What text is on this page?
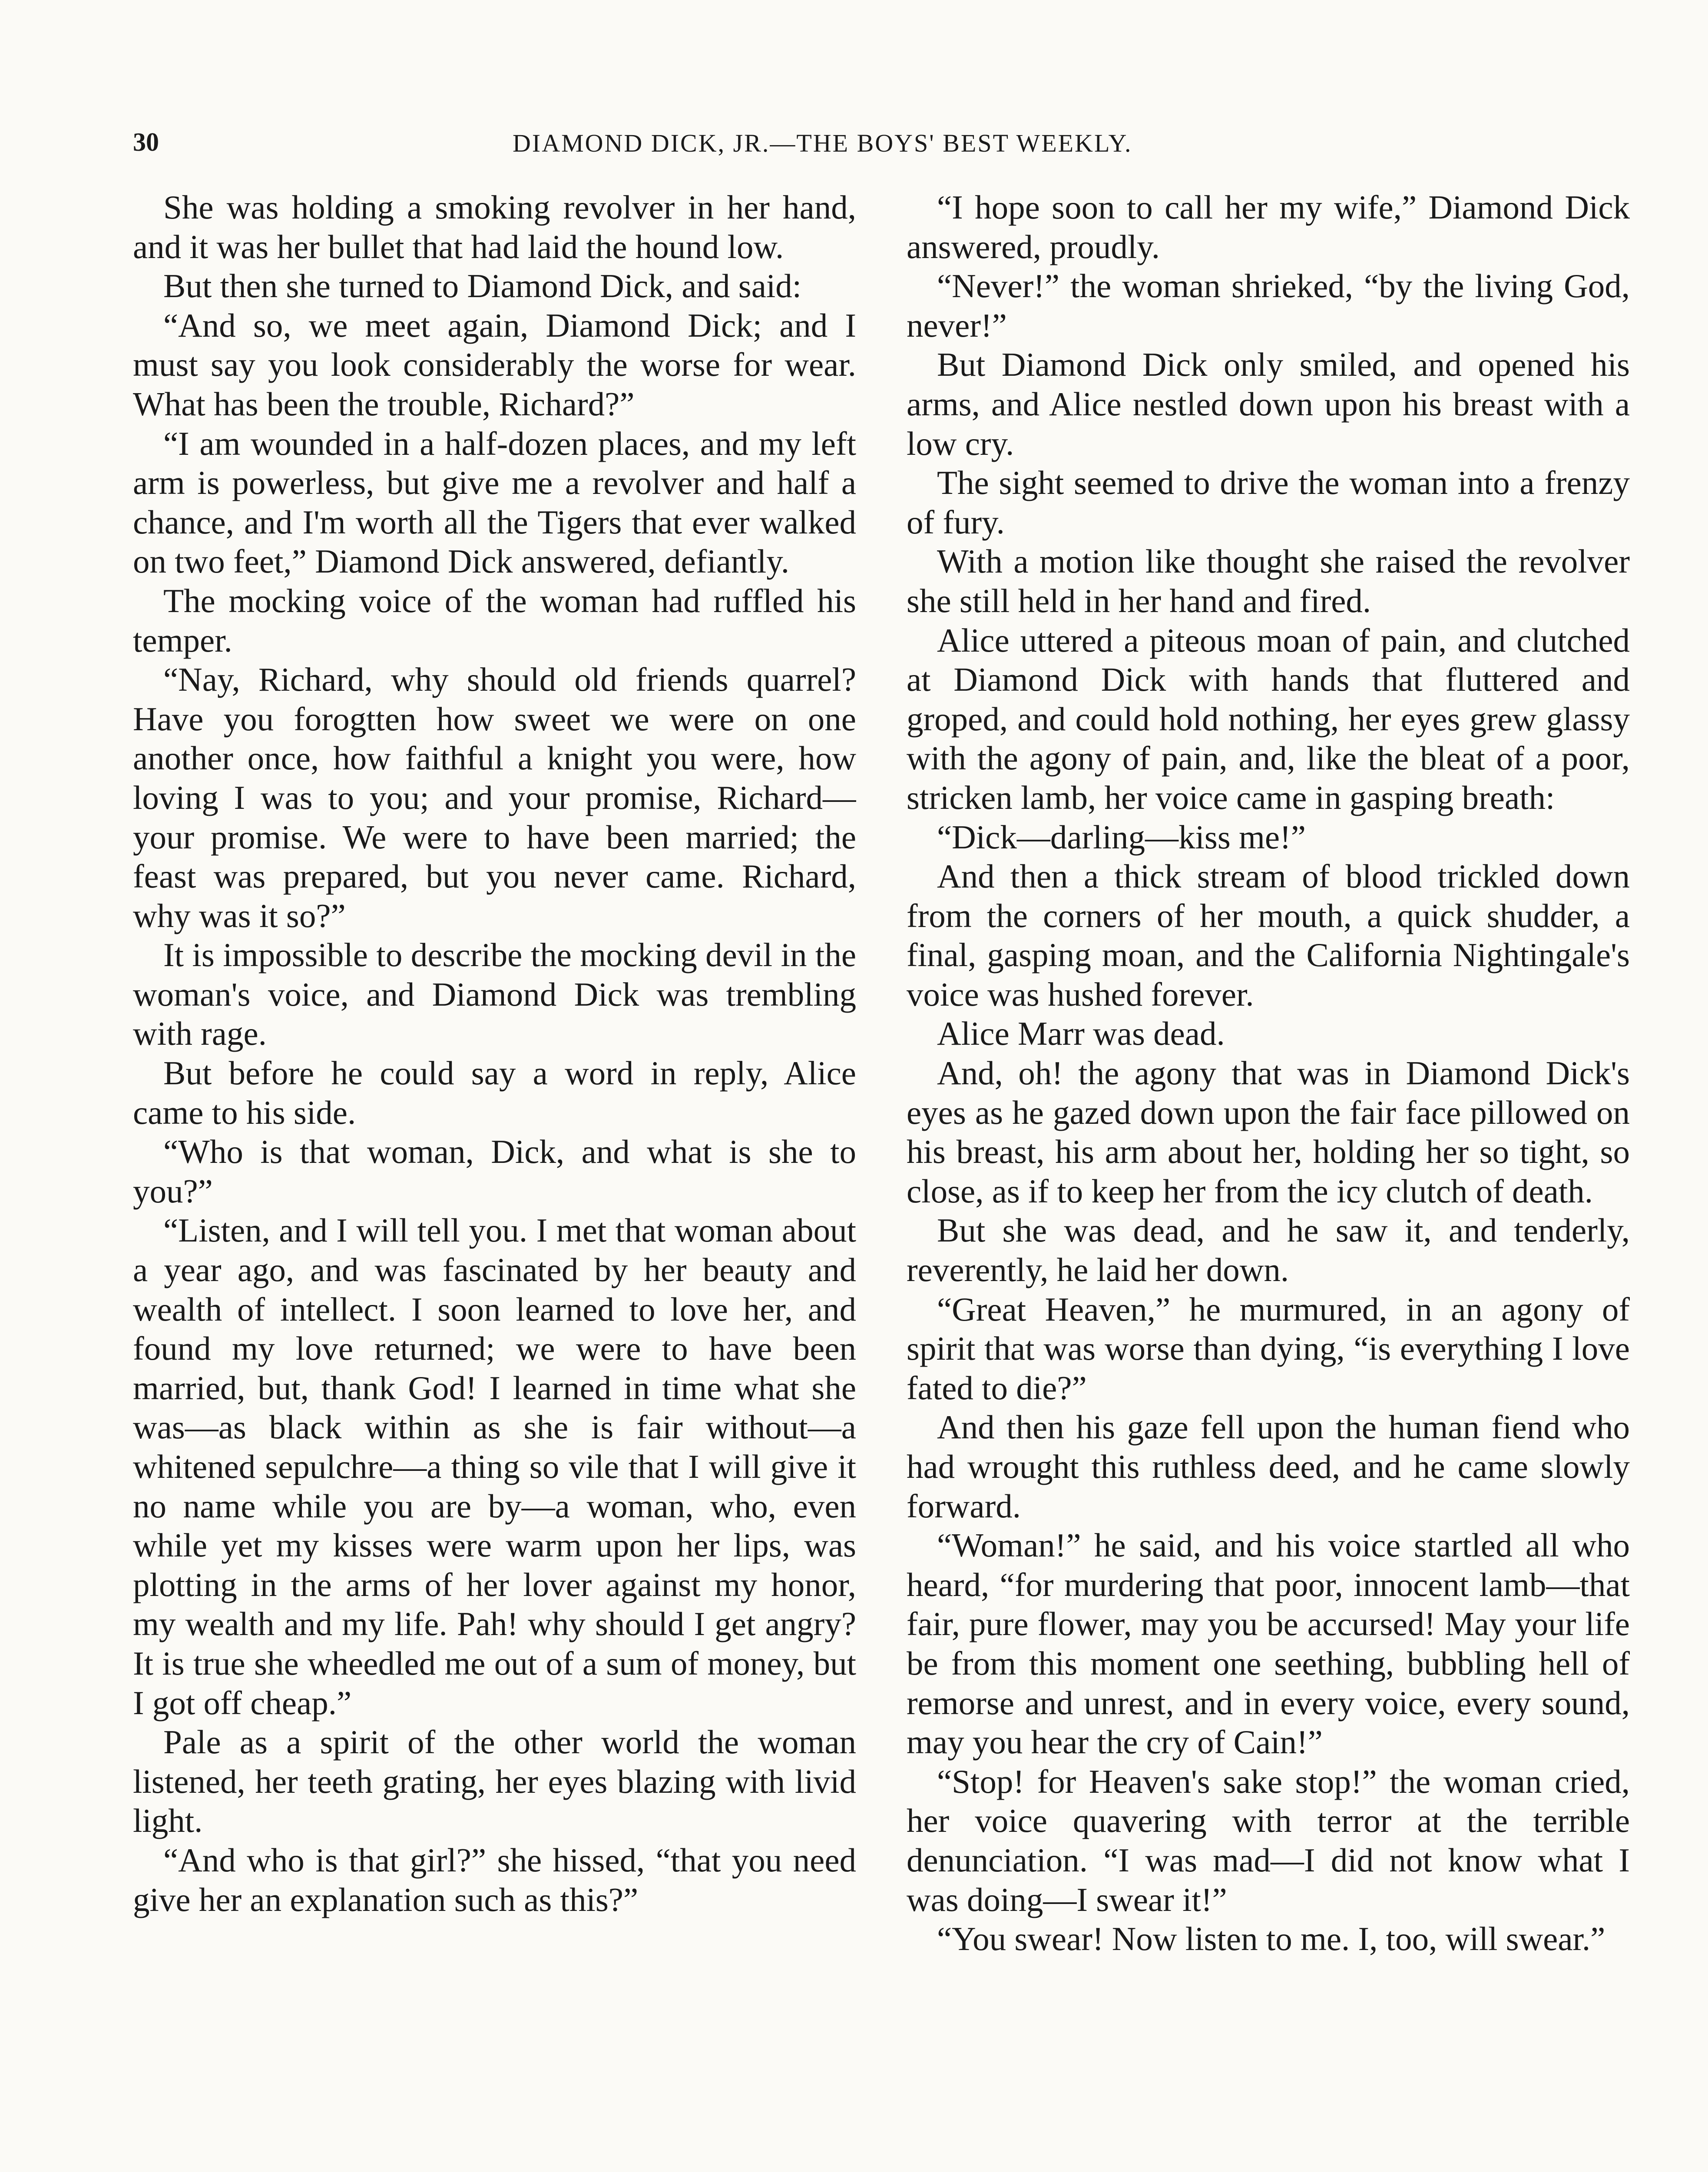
30	DIAMOND DICK, JR.—THE BOYS' BEST WEEKLY.

She was holding a smoking revolver in her hand, and it was her bullet that had laid the hound low.

But then she turned to Diamond Dick, and said:

“And so, we meet again, Diamond Dick; and I must say you look considerably the worse for wear. What has been the trouble, Richard?”

“I am wounded in a half-dozen places, and my left arm is powerless, but give me a revolver and half a chance, and I'm worth all the Tigers that ever walked on two feet,” Diamond Dick answered, defiantly.

The mocking voice of the woman had ruffled his temper.

“Nay, Richard, why should old friends quarrel? Have you forogtten how sweet we were on one another once, how faithful a knight you were, how loving I was to you; and your promise, Richard—your promise. We were to have been married; the feast was prepared, but you never came. Richard, why was it so?”

It is impossible to describe the mocking devil in the woman's voice, and Diamond Dick was trembling with rage.

But before he could say a word in reply, Alice came to his side.

“Who is that woman, Dick, and what is she to you?”

“Listen, and I will tell you. I met that woman about a year ago, and was fascinated by her beauty and wealth of intellect. I soon learned to love her, and found my love returned; we were to have been married, but, thank God! I learned in time what she was—as black within as she is fair without—a whitened sepulchre—a thing so vile that I will give it no name while you are by—a woman, who, even while yet my kisses were warm upon her lips, was plotting in the arms of her lover against my honor, my wealth and my life. Pah! why should I get angry? It is true she wheedled me out of a sum of money, but I got off cheap.”

Pale as a spirit of the other world the woman listened, her teeth grating, her eyes blazing with livid light.

“And who is that girl?” she hissed, “that you need give her an explanation such as this?”

“I hope soon to call her my wife,” Diamond Dick answered, proudly.

“Never!” the woman shrieked, “by the living God, never!”

But Diamond Dick only smiled, and opened his arms, and Alice nestled down upon his breast with a low cry.

The sight seemed to drive the woman into a frenzy of fury.

With a motion like thought she raised the revolver she still held in her hand and fired.

Alice uttered a piteous moan of pain, and clutched at Diamond Dick with hands that fluttered and groped, and could hold nothing, her eyes grew glassy with the agony of pain, and, like the bleat of a poor, stricken lamb, her voice came in gasping breath:

“Dick—darling—kiss me!”

And then a thick stream of blood trickled down from the corners of her mouth, a quick shudder, a final, gasping moan, and the California Nightingale's voice was hushed forever.

Alice Marr was dead.

And, oh! the agony that was in Diamond Dick's eyes as he gazed down upon the fair face pillowed on his breast, his arm about her, holding her so tight, so close, as if to keep her from the icy clutch of death.

But she was dead, and he saw it, and tenderly, reverently, he laid her down.

“Great Heaven,” he murmured, in an agony of spirit that was worse than dying, “is everything I love fated to die?”

And then his gaze fell upon the human fiend who had wrought this ruthless deed, and he came slowly forward.

“Woman!” he said, and his voice startled all who heard, “for murdering that poor, innocent lamb—that fair, pure flower, may you be accursed! May your life be from this moment one seething, bubbling hell of remorse and unrest, and in every voice, every sound, may you hear the cry of Cain!”

“Stop! for Heaven's sake stop!” the woman cried, her voice quavering with terror at the terrible denunciation. “I was mad—I did not know what I was doing—I swear it!”

“You swear! Now listen to me. I, too, will swear.”
